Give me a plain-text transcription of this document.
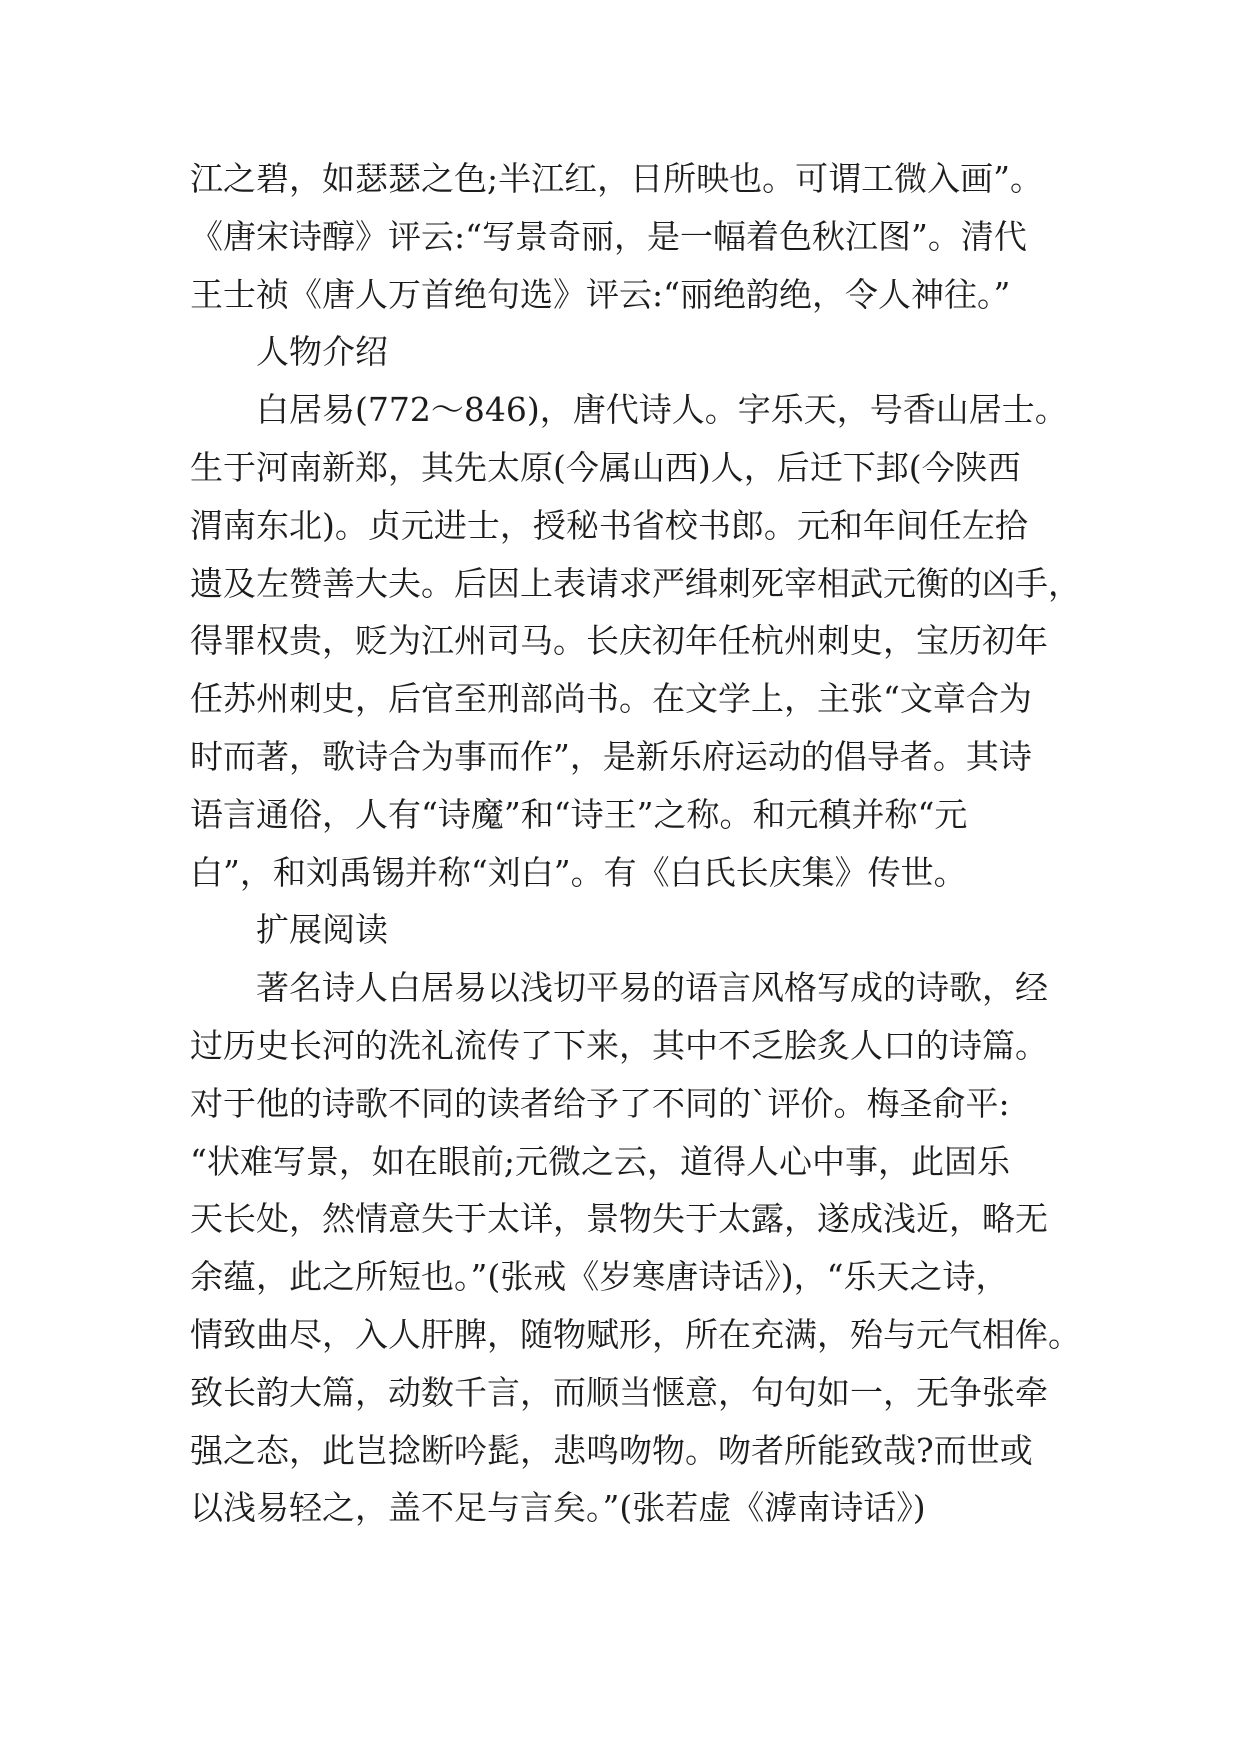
江之碧，如瑟瑟之色;半江红，日所映也。可谓工微入画”。
《唐宋诗醇》评云:“写景奇丽，是一幅着色秋江图”。清代
王士祯《唐人万首绝句选》评云:“丽绝韵绝，令人神往。”
人物介绍
白居易(772～846)，唐代诗人。字乐天，号香山居士。
生于河南新郑，其先太原(今属山西)人，后迁下邽(今陕西
渭南东北)。贞元进士，授秘书省校书郎。元和年间任左拾
遗及左赞善大夫。后因上表请求严缉刺死宰相武元衡的凶手，
得罪权贵，贬为江州司马。长庆初年任杭州刺史，宝历初年
任苏州刺史，后官至刑部尚书。在文学上，主张“文章合为
时而著，歌诗合为事而作”，是新乐府运动的倡导者。其诗
语言通俗，人有“诗魔”和“诗王”之称。和元稹并称“元
白”，和刘禹锡并称“刘白”。有《白氏长庆集》传世。
扩展阅读
著名诗人白居易以浅切平易的语言风格写成的诗歌，经
过历史长河的洗礼流传了下来，其中不乏脍炙人口的诗篇。
对于他的诗歌不同的读者给予了不同的`评价。梅圣俞平:
“状难写景，如在眼前;元微之云，道得人心中事，此固乐
天长处，然情意失于太详，景物失于太露，遂成浅近，略无
余蕴，此之所短也。”(张戒《岁寒唐诗话》)，“乐天之诗，
情致曲尽，入人肝脾，随物赋形，所在充满，殆与元气相侔。
致长韵大篇，动数千言，而顺当惬意，句句如一，无争张牵
强之态，此岂捻断吟髭，悲鸣吻物。吻者所能致哉?而世或
以浅易轻之，盖不足与言矣。”(张若虚《滹南诗话》)
